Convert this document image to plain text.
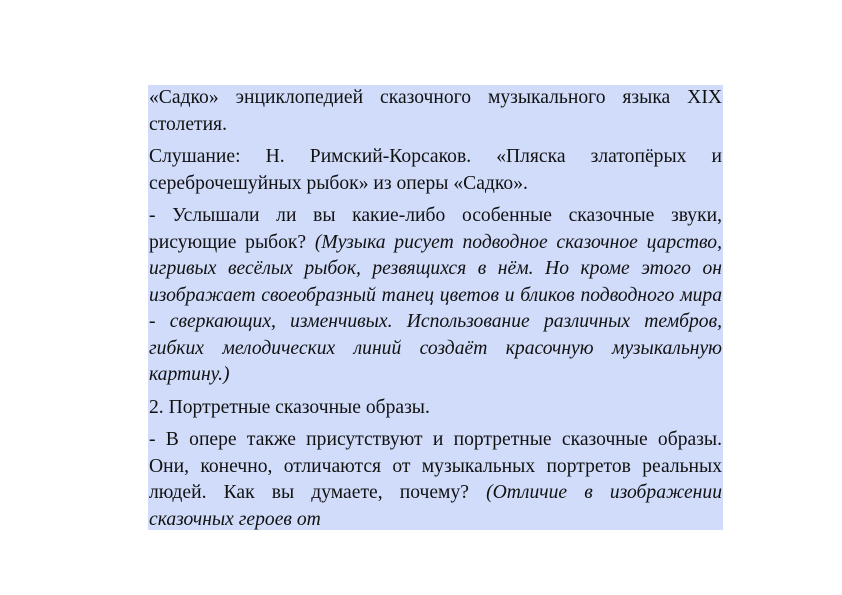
«Садко» энциклопедией сказочного музыкального языка XIX столетия.

Слушание: Н. Римский-Корсаков. «Пляска златопёрых и сереброчешуйных рыбок» из оперы «Садко».

- Услышали ли вы какие-либо особенные сказочные звуки, рисующие рыбок? (Музыка рисует подводное сказочное царство, игривых весёлых рыбок, резвящихся в нём. Но кроме этого он изображает своеобразный танец цветов и бликов подводного мира - сверкающих, изменчивых. Использование различных тембров, гибких мелодических линий создаёт красочную музыкальную картину.)

2. Портретные сказочные образы.

- В опере также присутствуют и портретные сказочные образы. Они, конечно, отличаются от музыкальных портретов реальных людей. Как вы думаете, почему? (Отличие в изображении сказочных героев от
